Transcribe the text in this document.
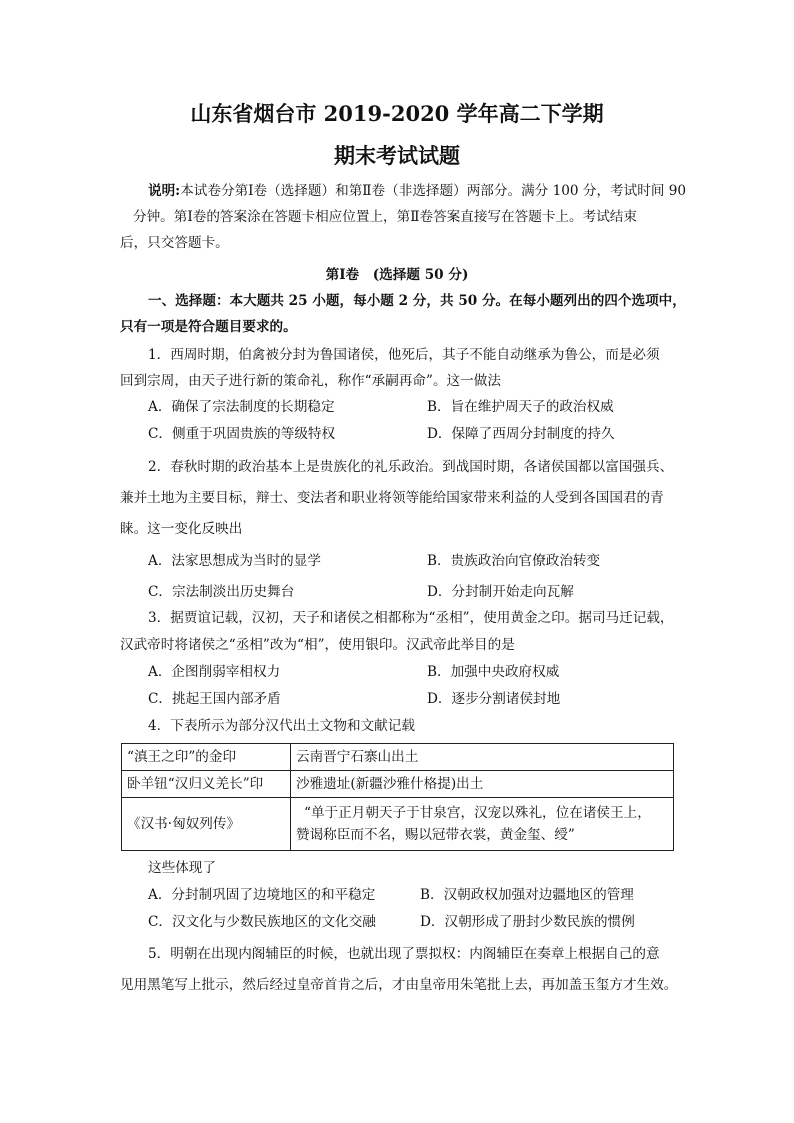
山东省烟台市 2019-2020 学年高二下学期
期末考试试题
说明:本试卷分第Ⅰ卷（选择题）和第Ⅱ卷（非选择题）两部分。满分 100 分，考试时间 90
分钟。第Ⅰ卷的答案涂在答题卡相应位置上，第Ⅱ卷答案直接写在答题卡上。考试结束
后，只交答题卡。
第Ⅰ卷　(选择题 50 分)
一、选择题：本大题共 25 小题，每小题 2 分，共 50 分。在每小题列出的四个选项中，
只有一项是符合题目要求的。
1．西周时期，伯禽被分封为鲁国诸侯，他死后，其子不能自动继承为鲁公，而是必须
回到宗周，由天子进行新的策命礼，称作“承嗣再命”。这一做法
A．确保了宗法制度的长期稳定	B．旨在维护周天子的政治权威
C．侧重于巩固贵族的等级特权	D．保障了西周分封制度的持久
2．春秋时期的政治基本上是贵族化的礼乐政治。到战国时期，各诸侯国都以富国强兵、
兼并土地为主要目标，辩士、变法者和职业将领等能给国家带来利益的人受到各国国君的青
睐。这一变化反映出
A．法家思想成为当时的显学	B．贵族政治向官僚政治转变
C．宗法制淡出历史舞台	D．分封制开始走向瓦解
3．据贾谊记载，汉初，天子和诸侯之相都称为“丞相”，使用黄金之印。据司马迁记载，
汉武帝时将诸侯之“丞相”改为“相”，使用银印。汉武帝此举目的是
A．企图削弱宰相权力	B．加强中央政府权威
C．挑起王国内部矛盾	D．逐步分割诸侯封地
4．下表所示为部分汉代出土文物和文献记载
“滇王之印”的金印	云南晋宁石寨山出土
卧羊钮“汉归义羌长”印	沙雅遗址(新疆沙雅什格提)出土
《汉书·匈奴列传》	“单于正月朝天子于甘泉宫，汉宠以殊礼，位在诸侯王上，
赞谒称臣而不名，赐以冠带衣裳，黄金玺、绶”
这些体现了
A．分封制巩固了边境地区的和平稳定	B．汉朝政权加强对边疆地区的管理
C．汉文化与少数民族地区的文化交融	D．汉朝形成了册封少数民族的惯例
5．明朝在出现内阁辅臣的时候，也就出现了票拟权：内阁辅臣在奏章上根据自己的意
见用黑笔写上批示，然后经过皇帝首肯之后，才由皇帝用朱笔批上去，再加盖玉玺方才生效。
